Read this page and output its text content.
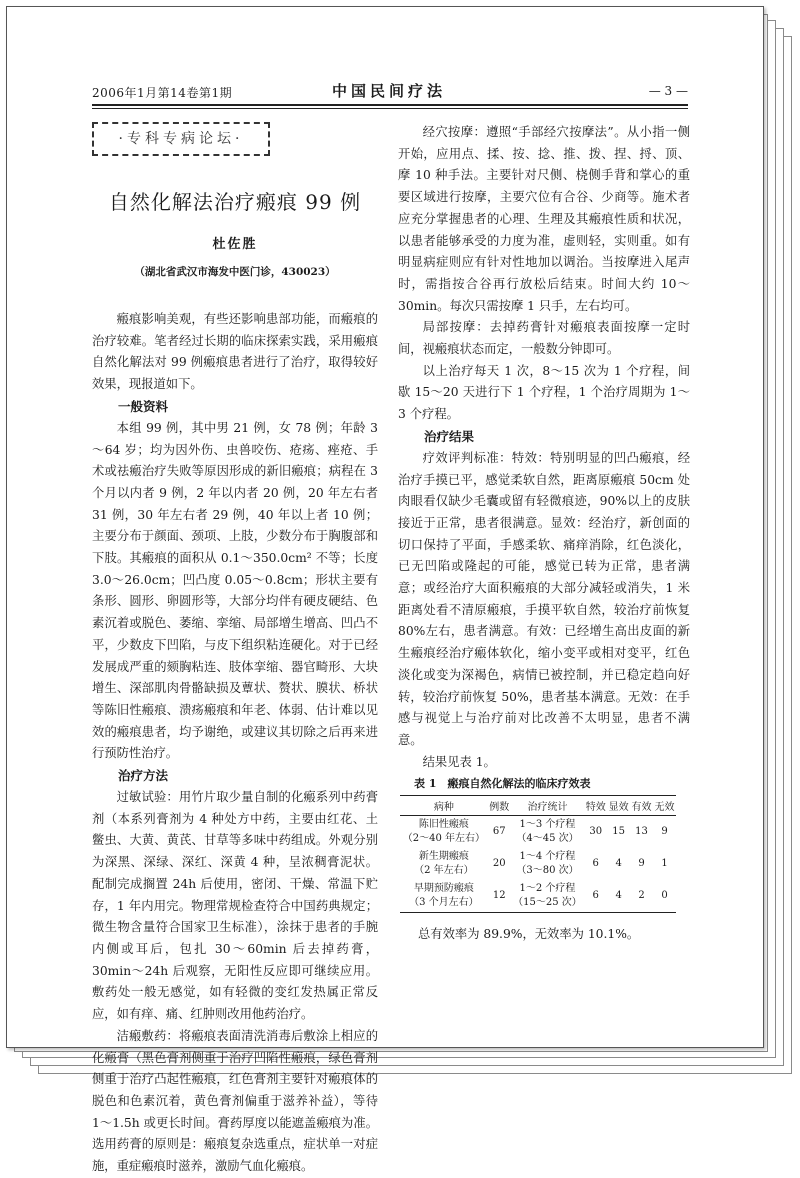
2006年1月第14卷第1期	中国民间疗法	— 3 —
·专科专病论坛·
自然化解法治疗瘢痕 99 例
杜佐胜
（湖北省武汉市海发中医门诊，430023）

瘢痕影响美观，有些还影响患部功能，而瘢痕的治疗较难。笔者经过长期的临床探索实践，采用瘢痕自然化解法对 99 例瘢痕患者进行了治疗，取得较好效果，现报道如下。

一般资料

本组 99 例，其中男 21 例，女 78 例；年龄 3～64 岁；均为因外伤、虫兽咬伤、疮疡、痤疮、手术或祛瘢治疗失败等原因形成的新旧瘢痕；病程在 3 个月以内者 9 例，2 年以内者 20 例，20 年左右者 31 例，30 年左右者 29 例，40 年以上者 10 例；主要分布于颜面、颈项、上肢，少数分布于胸腹部和下肢。其瘢痕的面积从 0.1～350.0cm² 不等；长度 3.0～26.0cm；凹凸度 0.05～0.8cm；形状主要有条形、圆形、卵圆形等，大部分均伴有硬皮硬结、色素沉着或脱色、萎缩、挛缩、局部增生增高、凹凸不平，少数皮下凹陷，与皮下组织粘连硬化。对于已经发展成严重的颏胸粘连、肢体挛缩、器官畸形、大块增生、深部肌肉骨骼缺损及蕈状、赘状、膜状、桥状等陈旧性瘢痕、溃疡瘢痕和年老、体弱、估计难以见效的瘢痕患者，均予谢绝，或建议其切除之后再来进行预防性治疗。

治疗方法

过敏试验：用竹片取少量自制的化瘢系列中药膏剂（本系列膏剂为 4 种处方中药，主要由红花、土鳖虫、大黄、黄芪、甘草等多味中药组成。外观分别为深黑、深绿、深红、深黄 4 种，呈浓稠膏泥状。配制完成搁置 24h 后使用，密闭、干燥、常温下贮存，1 年内用完。物理常规检查符合中国药典规定；微生物含量符合国家卫生标准），涂抹于患者的手腕内侧或耳后，包扎 30～60min 后去掉药膏，30min～24h 后观察，无阳性反应即可继续应用。敷药处一般无感觉，如有轻微的变红发热属正常反应，如有痒、痛、红肿则改用他药治疗。

洁瘢敷药：将瘢痕表面清洗消毒后敷涂上相应的化瘢膏（黑色膏剂侧重于治疗凹陷性瘢痕，绿色膏剂侧重于治疗凸起性瘢痕，红色膏剂主要针对瘢痕体的脱色和色素沉着，黄色膏剂偏重于滋养补益），等待 1～1.5h 或更长时间。膏药厚度以能遮盖瘢痕为准。选用药膏的原则是：瘢痕复杂选重点，症状单一对症施，重症瘢痕时滋养，激励气血化瘢痕。

经穴按摩：遵照“手部经穴按摩法”。从小指一侧开始，应用点、揉、按、捻、推、拨、捏、捋、顶、摩 10 种手法。主要针对尺侧、桡侧手背和掌心的重要区域进行按摩，主要穴位有合谷、少商等。施术者应充分掌握患者的心理、生理及其瘢痕性质和状况，以患者能够承受的力度为准，虚则轻，实则重。如有明显病症则应有针对性地加以调治。当按摩进入尾声时，需指按合谷再行放松后结束。时间大约 10～30min。每次只需按摩 1 只手，左右均可。

局部按摩：去掉药膏针对瘢痕表面按摩一定时间，视瘢痕状态而定，一般数分钟即可。

以上治疗每天 1 次，8～15 次为 1 个疗程，间歇 15～20 天进行下 1 个疗程，1 个治疗周期为 1～3 个疗程。

治疗结果

疗效评判标准：特效：特别明显的凹凸瘢痕，经治疗手摸已平，感觉柔软自然，距离原瘢痕 50cm 处肉眼看仅缺少毛囊或留有轻微痕迹，90%以上的皮肤接近于正常，患者很满意。显效：经治疗，新创面的切口保持了平面，手感柔软、痛痒消除，红色淡化，已无凹陷或隆起的可能，感觉已转为正常，患者满意；或经治疗大面积瘢痕的大部分减轻或消失，1 米距离处看不清原瘢痕，手摸平软自然，较治疗前恢复 80%左右，患者满意。有效：已经增生高出皮面的新生瘢痕经治疗瘢体软化，缩小变平或相对变平，红色淡化或变为深褐色，病情已被控制，并已稳定趋向好转，较治疗前恢复 50%，患者基本满意。无效：在手感与视觉上与治疗前对比改善不太明显，患者不满意。

结果见表 1。

表 1　瘢痕自然化解法的临床疗效表
病种	例数	治疗统计	特效	显效	有效	无效
陈旧性瘢痕
（2～40 年左右）	67	1～3 个疗程
（4～45 次）	30	15	13	9
新生期瘢痕
（2 年左右）	20	1～4 个疗程
（3～80 次）	6	4	9	1
早期预防瘢痕
（3 个月左右）	12	1～2 个疗程
（15～25 次）	6	4	2	0
总有效率为 89.9%，无效率为 10.1%。
